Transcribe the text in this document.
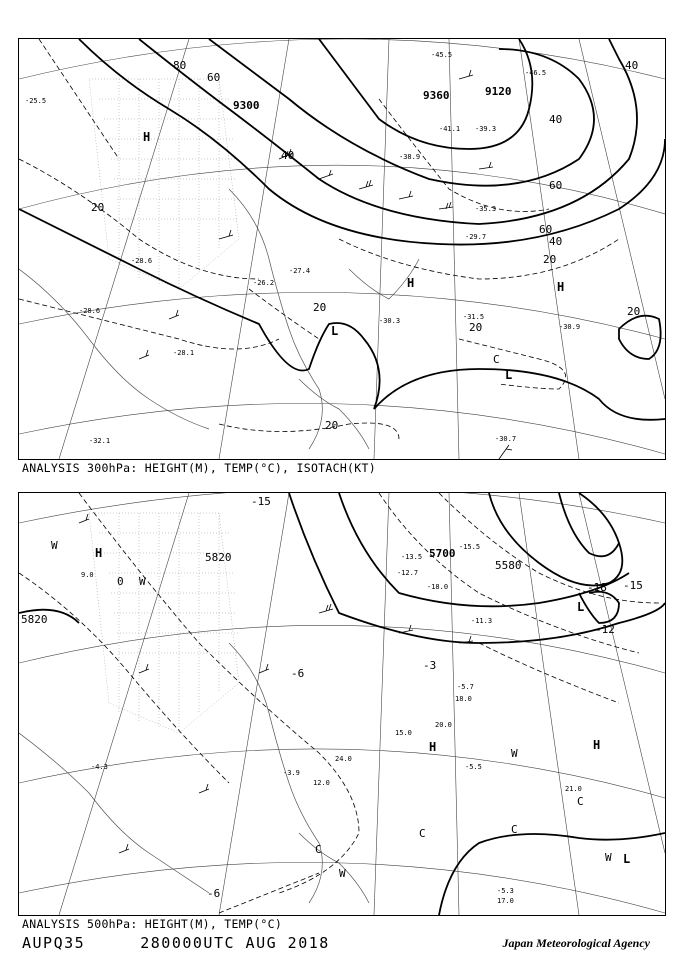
9300
9360	9120
80
60
40
20
60
40
20
20
40
60
40
H
H	H
L
L
C
-25.5
-28.6
-26.2
-27.4
-31.5
-30.9
-30.3
-29.7
-30.7
-32.1
-28.6
-28.1
-39.3
-45.5
-46.5
-41.1
-38.9
-35.3
20
20
20
ANALYSIS 300hPa: HEIGHT(M), TEMP(°C), ISOTACH(KT)
5700
5580
5820
5820
-15
-18 -15
-12
-6
-6
0
-3
H
H	H
L
L
W
W
W
W
W
C
C	C
C
-15.5
-13.5
-18.0
-12.7
-11.3
-5.7
-4.3
-3.9
-5.5
-5.3
21.0
20.0
18.0
17.0
24.0
12.0
15.0
9.0
ANALYSIS 500hPa: HEIGHT(M), TEMP(°C)
AUPQ35	280000UTC AUG 2018	Japan Meteorological Agency
